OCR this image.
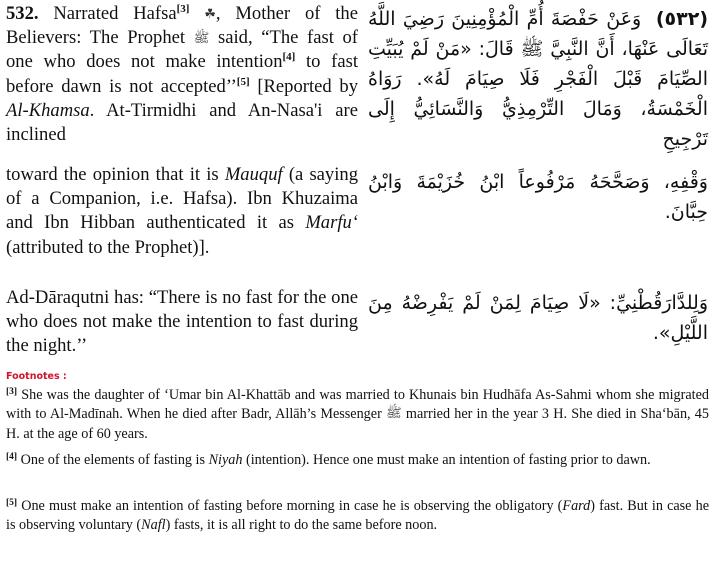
532. Narrated Hafsa[3] ☘, Mother of the Believers: The Prophet ﷺ said, “The fast of one who does not make intention[4] to fast before dawn is not accepted’’[5] [Reported by Al-Khamsa. At-Tirmidhi and An-Nasa'i are inclined

(٥٣٢)  وَعَنْ حَفْصَةَ أُمِّ الْمُؤْمِنِينَ رَضِيَ اللَّهُ تَعَالَى عَنْهَا، أَنَّ النَّبِيَّ ﷺ قَالَ: «مَنْ لَمْ يُبَيِّتِ الصِّيَامَ قَبْلَ الْفَجْرِ فَلَا صِيَامَ لَهُ». رَوَاهُ الْخَمْسَةُ، وَمَالَ التِّرْمِذِيُّ وَالنَّسَائِيُّ إِلَى تَرْجِيحِ

toward the opinion that it is Mauquf (a saying of a Companion, i.e. Hafsa). Ibn Khuzaima and Ibn Hibban authenticated it as Marfu‘ (attributed to the Prophet)].

وَقْفِهِ، وَصَحَّحَهُ مَرْفُوعاً ابْنُ خُزَيْمَةَ وَابْنُ حِبَّانَ.

Ad-Dāraqutni has: “There is no fast for the one who does not make the intention to fast during the night.’’

وَلِلدَّارَقُطْنِيِّ: «لَا صِيَامَ لِمَنْ لَمْ يَفْرِضْهُ مِنَ اللَّيْلِ».

Footnotes :

[3] She was the daughter of ‘Umar bin Al-Khattāb and was married to Khunais bin Hudhāfa As-Sahmi whom she migrated with to Al-Madīnah. When he died after Badr, Allāh’s Messenger ﷺ married her in the year 3 H. She died in Sha‘bān, 45 H. at the age of 60 years.

[4] One of the elements of fasting is Niyah (intention). Hence one must make an intention of fasting prior to dawn.

[5] One must make an intention of fasting before morning in case he is observing the obligatory (Fard) fast. But in case he is observing voluntary (Nafl) fasts, it is all right to do the same before noon.
